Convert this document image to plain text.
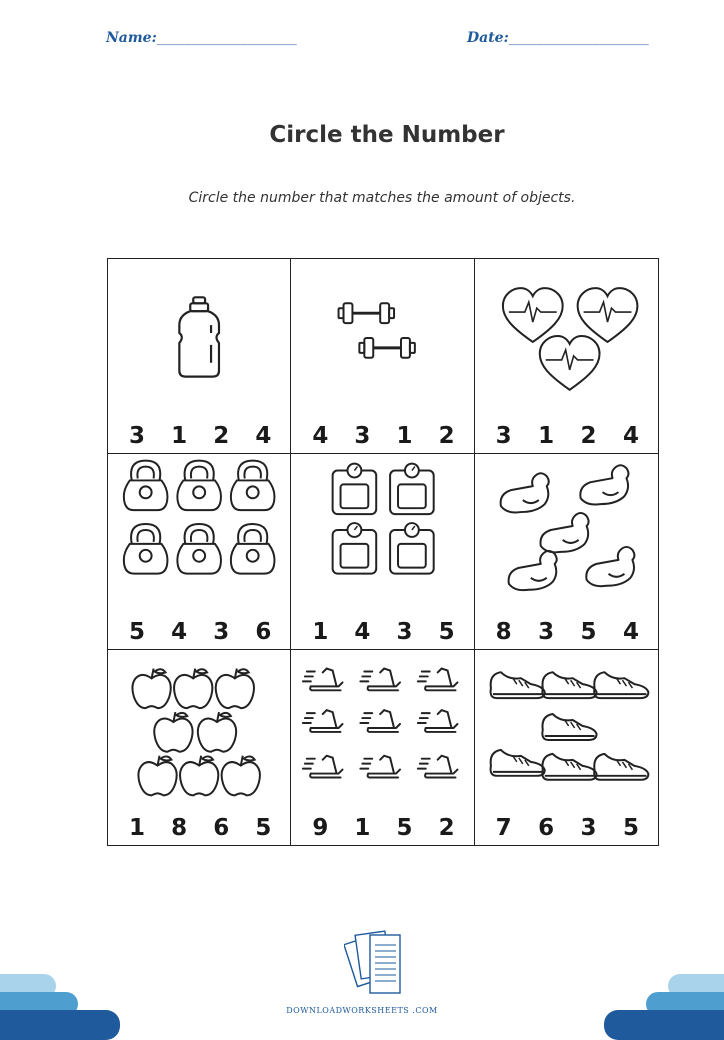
Name:____________________	Date:____________________
Circle the Number
Circle the number that matches the amount of objects.
3	1	2	4	4	3	1	2	3	1	2	4
5	4	3	6	1	4	3	5	8	3	5	4
1	8	6	5	9	1	5	2	7	6	3	5
DOWNLOADWORKSHEETS .COM
